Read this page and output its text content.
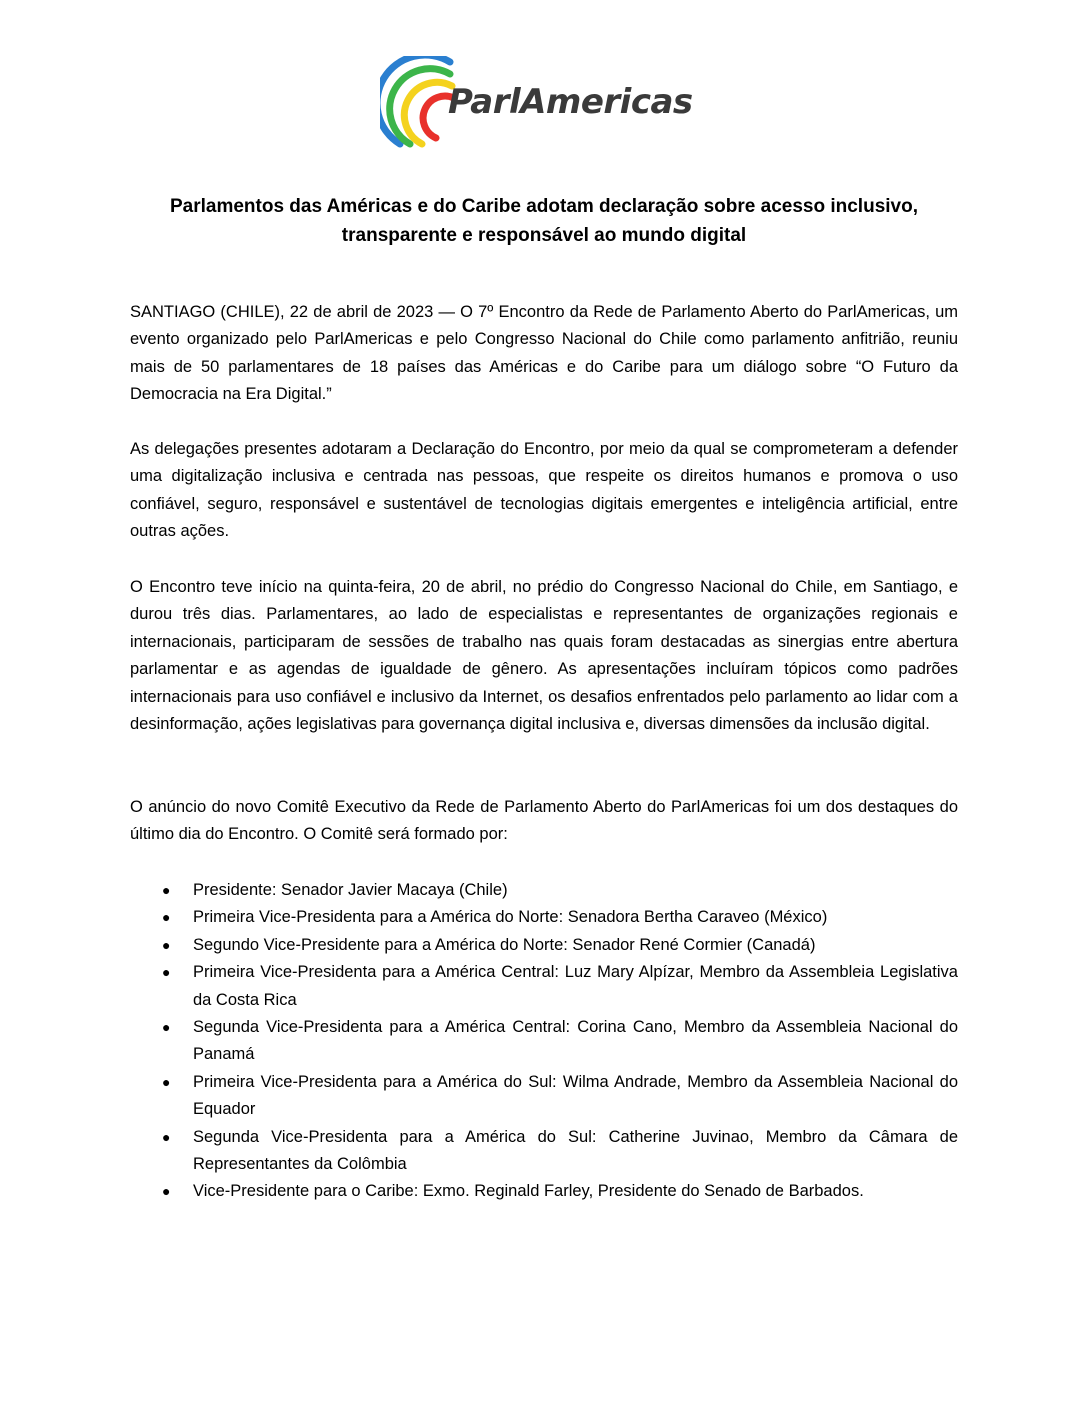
ParlAmericas
Parlamentos das Américas e do Caribe adotam declaração sobre acesso inclusivo, transparente e responsável ao mundo digital

SANTIAGO (CHILE), 22 de abril de 2023 — O 7º Encontro da Rede de Parlamento Aberto do ParlAmericas, um evento organizado pelo ParlAmericas e pelo Congresso Nacional do Chile como parlamento anfitrião, reuniu mais de 50 parlamentares de 18 países das Américas e do Caribe para um diálogo sobre “O Futuro da Democracia na Era Digital.”

As delegações presentes adotaram a Declaração do Encontro, por meio da qual se comprometeram a defender uma digitalização inclusiva e centrada nas pessoas, que respeite os direitos humanos e promova o uso confiável, seguro, responsável e sustentável de tecnologias digitais emergentes e inteligência artificial, entre outras ações.

O Encontro teve início na quinta-feira, 20 de abril, no prédio do Congresso Nacional do Chile, em Santiago, e durou três dias. Parlamentares, ao lado de especialistas e representantes de organizações regionais e internacionais, participaram de sessões de trabalho nas quais foram destacadas as sinergias entre abertura parlamentar e as agendas de igualdade de gênero. As apresentações incluíram tópicos como padrões internacionais para uso confiável e inclusivo da Internet, os desafios enfrentados pelo parlamento ao lidar com a desinformação, ações legislativas para governança digital inclusiva e, diversas dimensões da inclusão digital.

O anúncio do novo Comitê Executivo da Rede de Parlamento Aberto do ParlAmericas foi um dos destaques do último dia do Encontro. O Comitê será formado por:

● Presidente: Senador Javier Macaya (Chile)
● Primeira Vice-Presidenta para a América do Norte: Senadora Bertha Caraveo (México)
● Segundo Vice-Presidente para a América do Norte: Senador René Cormier (Canadá)
● Primeira Vice-Presidenta para a América Central: Luz Mary Alpízar, Membro da Assembleia Legislativa da Costa Rica
● Segunda Vice-Presidenta para a América Central: Corina Cano, Membro da Assembleia Nacional do Panamá
● Primeira Vice-Presidenta para a América do Sul: Wilma Andrade, Membro da Assembleia Nacional do Equador
● Segunda Vice-Presidenta para a América do Sul: Catherine Juvinao, Membro da Câmara de Representantes da Colômbia
● Vice-Presidente para o Caribe: Exmo. Reginald Farley, Presidente do Senado de Barbados.
